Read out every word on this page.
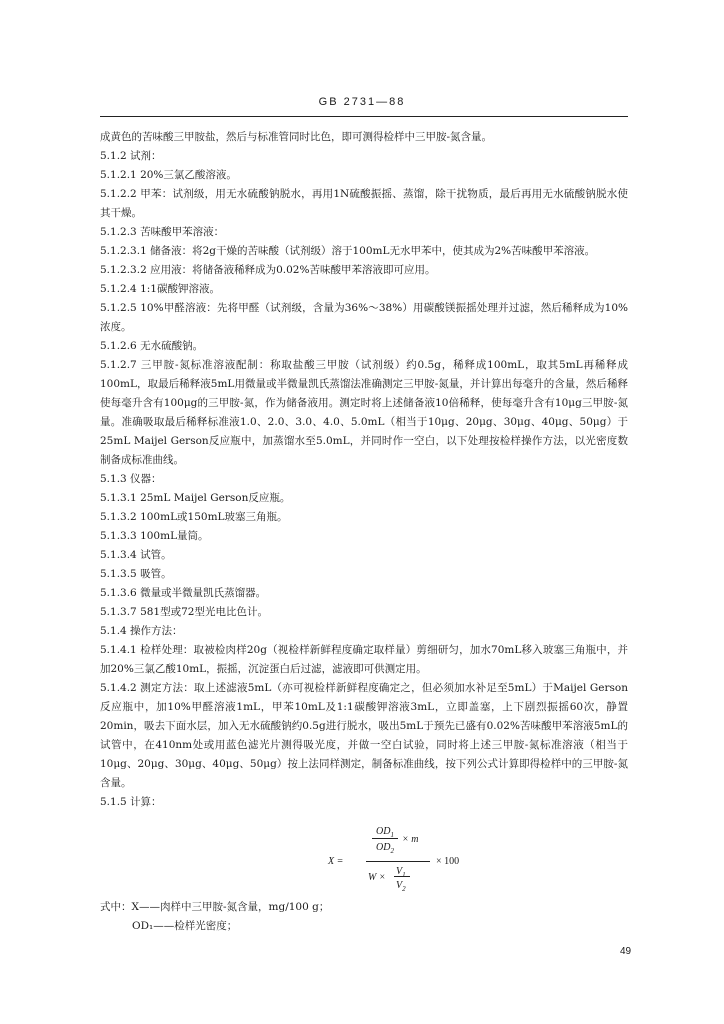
GB 2731—88

成黄色的苦味酸三甲胺盐，然后与标准管同时比色，即可测得检样中三甲胺-氮含量。

5.1.2 试剂：

5.1.2.1 20%三氯乙酸溶液。

5.1.2.2 甲苯：试剂级，用无水硫酸钠脱水，再用1N硫酸振摇、蒸馏，除干扰物质，最后再用无水硫酸钠脱水使其干燥。

5.1.2.3 苦味酸甲苯溶液：

5.1.2.3.1 储备液：将2g干燥的苦味酸（试剂级）溶于100mL无水甲苯中，使其成为2%苦味酸甲苯溶液。

5.1.2.3.2 应用液：将储备液稀释成为0.02%苦味酸甲苯溶液即可应用。

5.1.2.4 1:1碳酸钾溶液。

5.1.2.5 10%甲醛溶液：先将甲醛（试剂级，含量为36%～38%）用碳酸镁振摇处理并过滤，然后稀释成为10%浓度。

5.1.2.6 无水硫酸钠。

5.1.2.7 三甲胺-氮标准溶液配制：称取盐酸三甲胺（试剂级）约0.5g，稀释成100mL，取其5mL再稀释成100mL，取最后稀释液5mL用微量或半微量凯氏蒸馏法准确测定三甲胺-氮量，并计算出每毫升的含量，然后稀释使每毫升含有100μg的三甲胺-氮，作为储备液用。测定时将上述储备液10倍稀释，使每毫升含有10μg三甲胺-氮量。准确吸取最后稀释标准液1.0、2.0、3.0、4.0、5.0mL（相当于10μg、20μg、30μg、40μg、50μg）于25mL Maijel Gerson反应瓶中，加蒸馏水至5.0mL，并同时作一空白，以下处理按检样操作方法，以光密度数制备成标准曲线。

5.1.3 仪器：

5.1.3.1 25mL Maijel Gerson反应瓶。

5.1.3.2 100mL或150mL玻塞三角瓶。

5.1.3.3 100mL量筒。

5.1.3.4 试管。

5.1.3.5 吸管。

5.1.3.6 微量或半微量凯氏蒸馏器。

5.1.3.7 581型或72型光电比色计。

5.1.4 操作方法：

5.1.4.1 检样处理：取被检肉样20g（视检样新鲜程度确定取样量）剪细研匀，加水70mL移入玻塞三角瓶中，并加20%三氯乙酸10mL，振摇，沉淀蛋白后过滤，滤液即可供测定用。

5.1.4.2 测定方法：取上述滤液5mL（亦可视检样新鲜程度确定之，但必须加水补足至5mL）于Maijel Gerson反应瓶中，加10%甲醛溶液1mL，甲苯10mL及1:1碳酸钾溶液3mL，立即盖塞，上下剧烈振摇60次，静置20min，吸去下面水层，加入无水硫酸钠约0.5g进行脱水，吸出5mL于预先已盛有0.02%苦味酸甲苯溶液5mL的试管中，在410nm处或用蓝色滤光片测得吸光度，并做一空白试验，同时将上述三甲胺-氮标准溶液（相当于10μg、20μg、30μg、40μg、50μg）按上法同样测定，制备标准曲线，按下列公式计算即得检样中的三甲胺-氮含量。

5.1.5 计算：

X =
$OD_1$
$OD_2$
× m
W ×
$V_1$
$V_2$
× 100

式中：X——肉样中三甲胺-氮含量，mg/100 g；

OD₁——检样光密度；

49
